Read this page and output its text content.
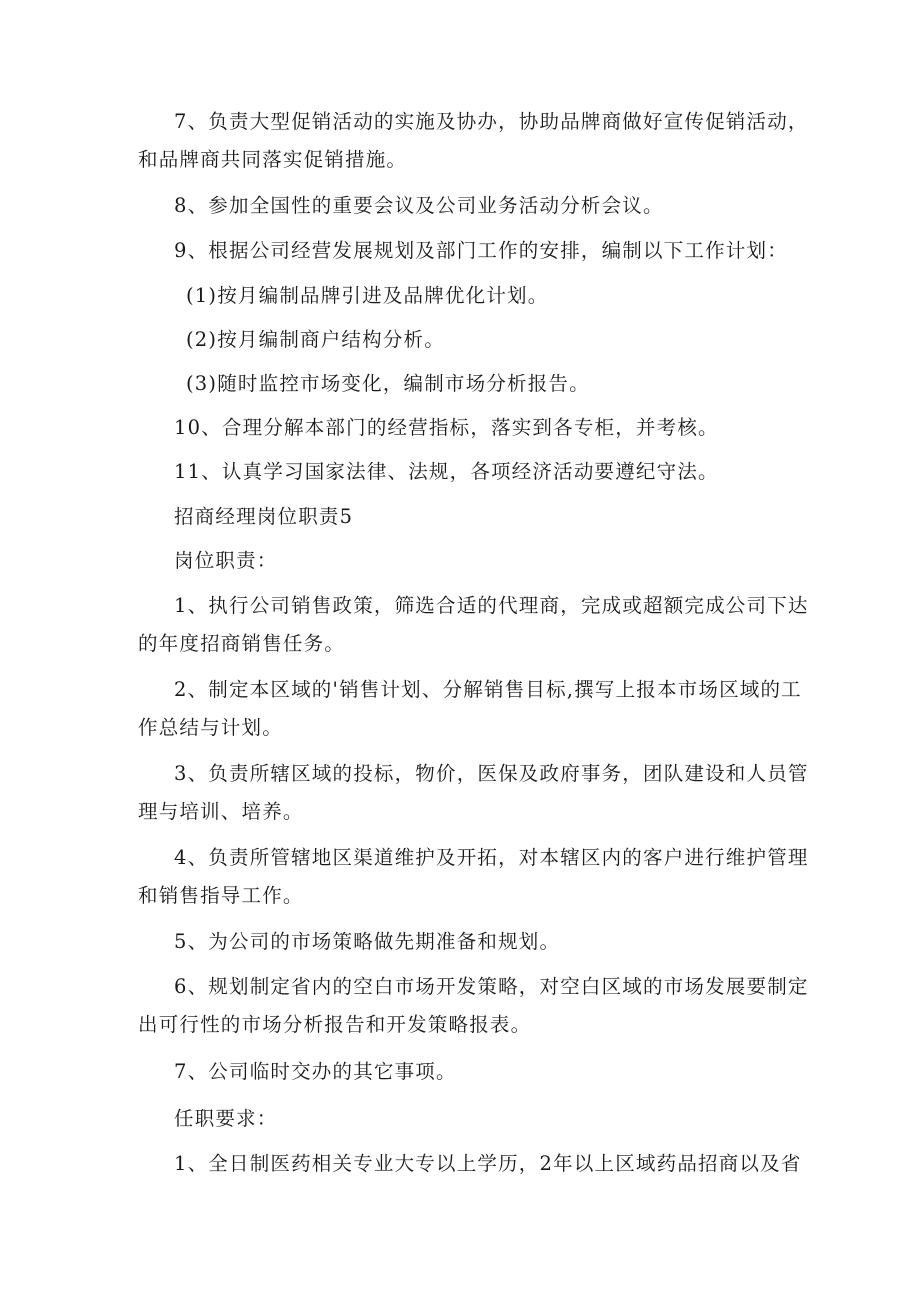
7、负责大型促销活动的实施及协办，协助品牌商做好宣传促销活动，
和品牌商共同落实促销措施。
8、参加全国性的重要会议及公司业务活动分析会议。
9、根据公司经营发展规划及部门工作的安排，编制以下工作计划：
(1)按月编制品牌引进及品牌优化计划。
(2)按月编制商户结构分析。
(3)随时监控市场变化，编制市场分析报告。
10、合理分解本部门的经营指标，落实到各专柜，并考核。
11、认真学习国家法律、法规，各项经济活动要遵纪守法。
招商经理岗位职责5
岗位职责：
1、执行公司销售政策，筛选合适的代理商，完成或超额完成公司下达
的年度招商销售任务。
2、制定本区域的'销售计划、分解销售目标,撰写上报本市场区域的工
作总结与计划。
3、负责所辖区域的投标，物价，医保及政府事务，团队建设和人员管
理与培训、培养。
4、负责所管辖地区渠道维护及开拓，对本辖区内的客户进行维护管理
和销售指导工作。
5、为公司的市场策略做先期准备和规划。
6、规划制定省内的空白市场开发策略，对空白区域的市场发展要制定
出可行性的市场分析报告和开发策略报表。
7、公司临时交办的其它事项。
任职要求：
1、全日制医药相关专业大专以上学历，2年以上区域药品招商以及省
